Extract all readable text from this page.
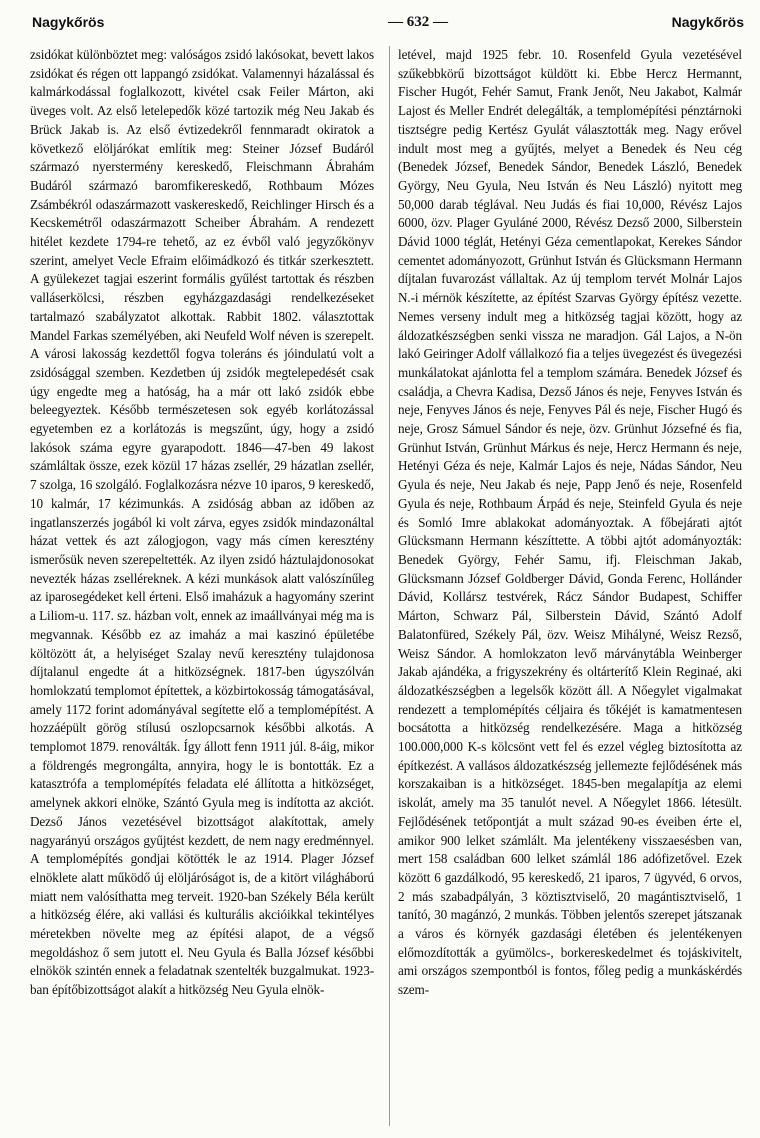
Nagykőrös	— 632 —	Nagykőrös

zsidókat különböztet meg: valóságos zsidó lakósokat, bevett lakos zsidókat és régen ott lappangó zsidókat. Valamennyi házalással és kalmárkodással foglalkozott, kivétel csak Feiler Márton, aki üveges volt. Az első letelepedők közé tartozik még Neu Jakab és Brück Jakab is. Az első évtizedekről fennmaradt okiratok a következő elöljárókat említik meg: Steiner József Budáról származó nyerstermény kereskedő, Fleischmann Ábrahám Budáról származó baromfikereskedő, Rothbaum Mózes Zsámbékról odaszármazott vaskereskedő, Reichlinger Hirsch és a Kecskemétről odaszármazott Scheiber Ábrahám. A rendezett hitélet kezdete 1794-re tehető, az ez évből való jegyzőkönyv szerint, amelyet Vecle Efraim előimádkozó és titkár szerkesztett. A gyülekezet tagjai eszerint formális gyűlést tartottak és részben valláserkölcsi, részben egyházgazdasági rendelkezéseket tartalmazó szabályzatot alkottak. Rabbit 1802. választottak Mandel Farkas személyében, aki Neufeld Wolf néven is szerepelt. A városi lakosság kezdettől fogva toleráns és jóindulatú volt a zsidósággal szemben. Kezdetben új zsidók megtelepedését csak úgy engedte meg a hatóság, ha a már ott lakó zsidók ebbe beleegyeztek. Később természetesen sok egyéb korlátozással egyetemben ez a korlátozás is megszűnt, úgy, hogy a zsidó lakósok száma egyre gyarapodott. 1846—47-ben 49 lakost számláltak össze, ezek közül 17 házas zsellér, 29 házatlan zsellér, 7 szolga, 16 szolgáló. Foglalkozásra nézve 10 iparos, 9 kereskedő, 10 kalmár, 17 kézimunkás. A zsidóság abban az időben az ingatlanszerzés jogából ki volt zárva, egyes zsidók mindazonáltal házat vettek és azt zálogjogon, vagy más címen keresztény ismerősük neven szerepeltették. Az ilyen zsidó háztulajdonosokat nevezték házas zselléreknek. A kézi munkások alatt valószínűleg az iparosegédeket kell érteni. Első imaházuk a hagyomány szerint a Liliom-u. 117. sz. házban volt, ennek az imaállványai még ma is megvannak. Később ez az imaház a mai kaszinó épületébe költözött át, a helyiséget Szalay nevű keresztény tulajdonosa díjtalanul engedte át a hitközségnek. 1817-ben úgyszólván homlokzatú templomot építettek, a közbirtokosság támogatásával, amely 1172 forint adományával segítette elő a templomépítést. A hozzáépült görög stílusú oszlopcsarnok későbbi alkotás. A templomot 1879. renoválták. Így állott fenn 1911 júl. 8-áig, mikor a földrengés megrongálta, annyira, hogy le is bontották. Ez a katasztrófa a templomépítés feladata elé állította a hitközséget, amelynek akkori elnöke, Szántó Gyula meg is indította az akciót. Dezső János vezetésével bizottságot alakítottak, amely nagyarányú országos gyűjtést kezdett, de nem nagy eredménnyel. A templomépítés gondjai kötötték le az 1914. Plager József elnöklete alatt működő új elöljáróságot is, de a kitört világháború miatt nem valósíthatta meg terveit. 1920-ban Székely Béla került a hitközség élére, aki vallási és kulturális akcióikkal tekintélyes méretekben növelte meg az építési alapot, de a végső megoldáshoz ő sem jutott el. Neu Gyula és Balla József későbbi elnökök szintén ennek a feladatnak szentelték buzgalmukat. 1923-ban építőbizottságot alakít a hitközség Neu Gyula elnök-

letével, majd 1925 febr. 10. Rosenfeld Gyula vezetésével szűkebbkörű bizottságot küldött ki. Ebbe Hercz Hermannt, Fischer Hugót, Fehér Samut, Frank Jenőt, Neu Jakabot, Kalmár Lajost és Meller Endrét delegálták, a templomépítési pénztárnoki tisztségre pedig Kertész Gyulát választották meg. Nagy erővel indult most meg a gyűjtés, melyet a Benedek és Neu cég (Benedek József, Benedek Sándor, Benedek László, Benedek György, Neu Gyula, Neu István és Neu László) nyitott meg 50,000 darab téglával. Neu Judás és fiai 10,000, Révész Lajos 6000, özv. Plager Gyuláné 2000, Révész Dezső 2000, Silberstein Dávid 1000 téglát, Hetényi Géza cementlapokat, Kerekes Sándor cementet adományozott, Grünhut István és Glücksmann Hermann díjtalan fuvarozást vállaltak. Az új templom tervét Molnár Lajos N.-i mérnök készítette, az építést Szarvas György építész vezette. Nemes verseny indult meg a hitközség tagjai között, hogy az áldozatkészségben senki vissza ne maradjon. Gál Lajos, a N-ön lakó Geiringer Adolf vállalkozó fia a teljes üvegezést és üvegezési munkálatokat ajánlotta fel a templom számára. Benedek József és családja, a Chevra Kadisa, Dezső János és neje, Fenyves István és neje, Fenyves János és neje, Fenyves Pál és neje, Fischer Hugó és neje, Grosz Sámuel Sándor és neje, özv. Grünhut Józsefné és fia, Grünhut István, Grünhut Márkus és neje, Hercz Hermann és neje, Hetényi Géza és neje, Kalmár Lajos és neje, Nádas Sándor, Neu Gyula és neje, Neu Jakab és neje, Papp Jenő és neje, Rosenfeld Gyula és neje, Rothbaum Árpád és neje, Steinfeld Gyula és neje és Somló Imre ablakokat adományoztak. A főbejárati ajtót Glücksmann Hermann készíttette. A többi ajtót adományozták: Benedek György, Fehér Samu, ifj. Fleischman Jakab, Glücksmann József Goldberger Dávid, Gonda Ferenc, Hollánder Dávid, Kollársz testvérek, Rácz Sándor Budapest, Schiffer Márton, Schwarz Pál, Silberstein Dávid, Szántó Adolf Balatonfüred, Székely Pál, özv. Weisz Mihályné, Weisz Rezső, Weisz Sándor. A homlokzaton levő márványtábla Weinberger Jakab ajándéka, a frigyszekrény és oltárterítő Klein Reginaé, aki áldozatkészségben a legelsők között áll. A Nőegylet vigalmakat rendezett a templomépítés céljaira és tőkéjét is kamatmentesen bocsátotta a hitközség rendelkezésére. Maga a hitközség 100.000,000 K-s kölcsönt vett fel és ezzel végleg biztosította az építkezést. A vallásos áldozatkészség jellemezte fejlődésének más korszakaiban is a hitközséget. 1845-ben megalapítja az elemi iskolát, amely ma 35 tanulót nevel. A Nőegylet 1866. létesült. Fejlődésének tetőpontját a mult század 90-es éveiben érte el, amikor 900 lelket számlált. Ma jelentékeny visszaesésben van, mert 158 családban 600 lelket számlál 186 adófizetővel. Ezek között 6 gazdálkodó, 95 kereskedő, 21 iparos, 7 ügyvéd, 6 orvos, 2 más szabadpályán, 3 köztisztviselő, 20 magántisztviselő, 1 tanító, 30 magánzó, 2 munkás. Többen jelentős szerepet játszanak a város és környék gazdasági életében és jelentékenyen előmozdították a gyümölcs-, borkereskedelmet és tojáskivitelt, ami országos szempontból is fontos, főleg pedig a munkáskérdés szem-
